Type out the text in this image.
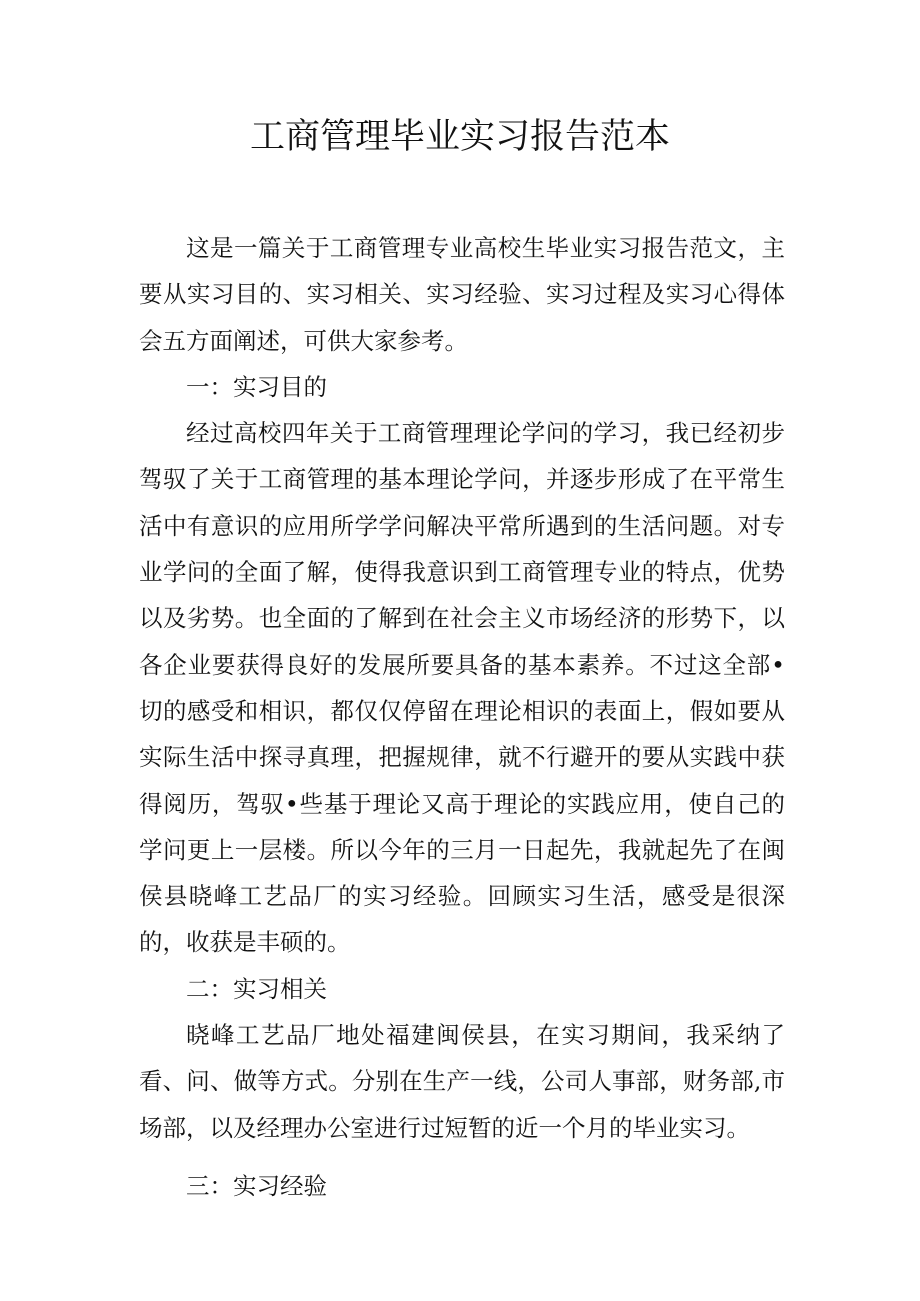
工商管理毕业实习报告范本

这是一篇关于工商管理专业高校生毕业实习报告范文，主要从实习目的、实习相关、实习经验、实习过程及实习心得体会五方面阐述，可供大家参考。

一：实习目的

经过高校四年关于工商管理理论学问的学习，我已经初步驾驭了关于工商管理的基本理论学问，并逐步形成了在平常生活中有意识的应用所学学问解决平常所遇到的生活问题。对专业学问的全面了解，使得我意识到工商管理专业的特点，优势以及劣势。也全面的了解到在社会主义市场经济的形势下，以各企业要获得良好的发展所要具备的基本素养。不过这全部•切的感受和相识，都仅仅停留在理论相识的表面上，假如要从实际生活中探寻真理，把握规律，就不行避开的要从实践中获得阅历，驾驭•些基于理论又高于理论的实践应用，使自己的学问更上一层楼。所以今年的三月一日起先，我就起先了在闽侯县晓峰工艺品厂的实习经验。回顾实习生活，感受是很深的，收获是丰硕的。

二：实习相关

晓峰工艺品厂地处福建闽侯县，在实习期间，我采纳了看、问、做等方式。分别在生产一线，公司人事部，财务部,市场部，以及经理办公室进行过短暂的近一个月的毕业实习。

三：实习经验
